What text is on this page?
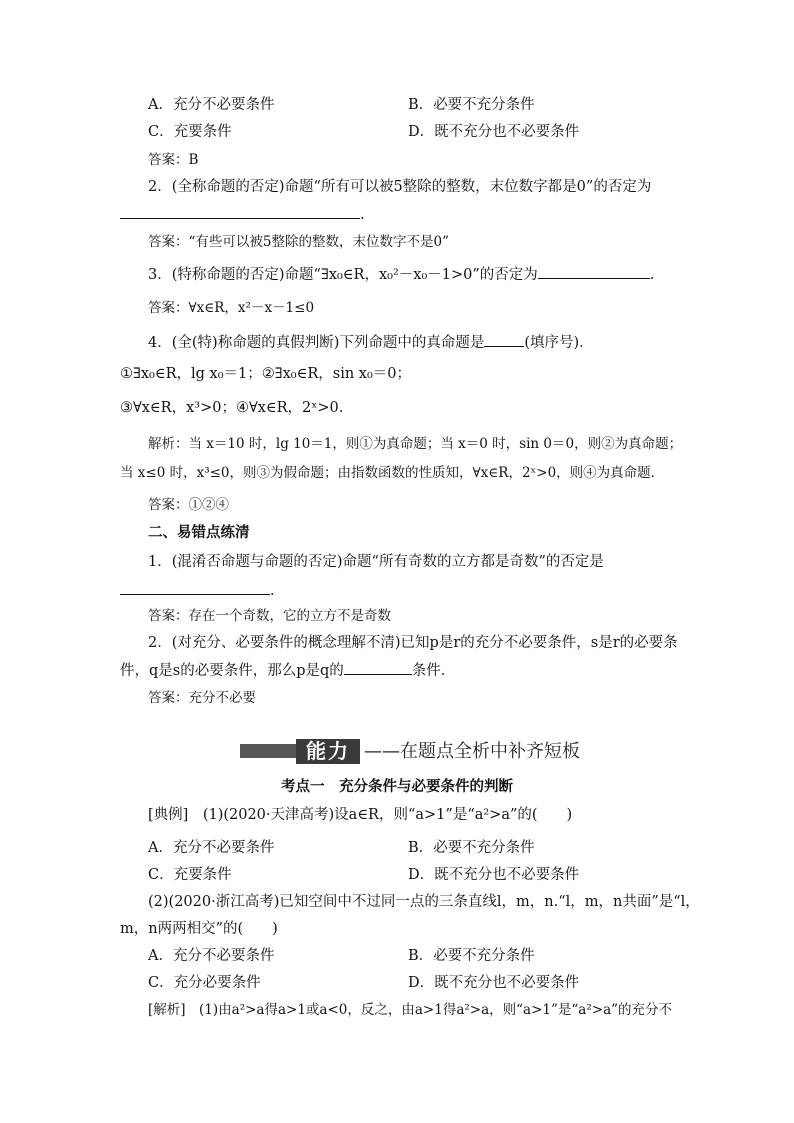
A．充分不必要条件	B．必要不充分条件
C．充要条件	D．既不充分也不必要条件
答案：B
2．(全称命题的否定)命题“所有可以被5整除的整数，末位数字都是0”的否定为
.
答案：“有些可以被5整除的整数，末位数字不是0”
3．(特称命题的否定)命题“∃x₀∈R，x₀²－x₀－1>0”的否定为	.
答案：∀x∈R，x²－x－1≤0
4．(全(特)称命题的真假判断)下列命题中的真命题是	(填序号)．
①∃x₀∈R，lg x₀＝1；②∃x₀∈R，sin x₀＝0；
③∀x∈R，x³>0；④∀x∈R，2ˣ>0.
解析：当 x＝10 时，lg 10＝1，则①为真命题；当 x＝0 时，sin 0＝0，则②为真命题；
当 x≤0 时，x³≤0，则③为假命题；由指数函数的性质知，∀x∈R，2ˣ>0，则④为真命题．
答案：①②④
二、易错点练清
1．(混淆否命题与命题的否定)命题“所有奇数的立方都是奇数”的否定是
.
答案：存在一个奇数，它的立方不是奇数
2．(对充分、必要条件的概念理解不清)已知p是r的充分不必要条件，s是r的必要条
件，q是s的必要条件，那么p是q的	条件．
答案：充分不必要
能力 ——在题点全析中补齐短板
考点一　充分条件与必要条件的判断
[典例]　(1)(2020·天津高考)设a∈R，则“a>1”是“a²>a”的(　　)
A．充分不必要条件	B．必要不充分条件
C．充要条件	D．既不充分也不必要条件
(2)(2020·浙江高考)已知空间中不过同一点的三条直线l，m，n.“l，m，n共面”是“l，
m，n两两相交”的(　　)
A．充分不必要条件	B．必要不充分条件
C．充分必要条件	D．既不充分也不必要条件
[解析]　(1)由a²>a得a>1或a<0，反之，由a>1得a²>a，则“a>1”是“a²>a”的充分不
